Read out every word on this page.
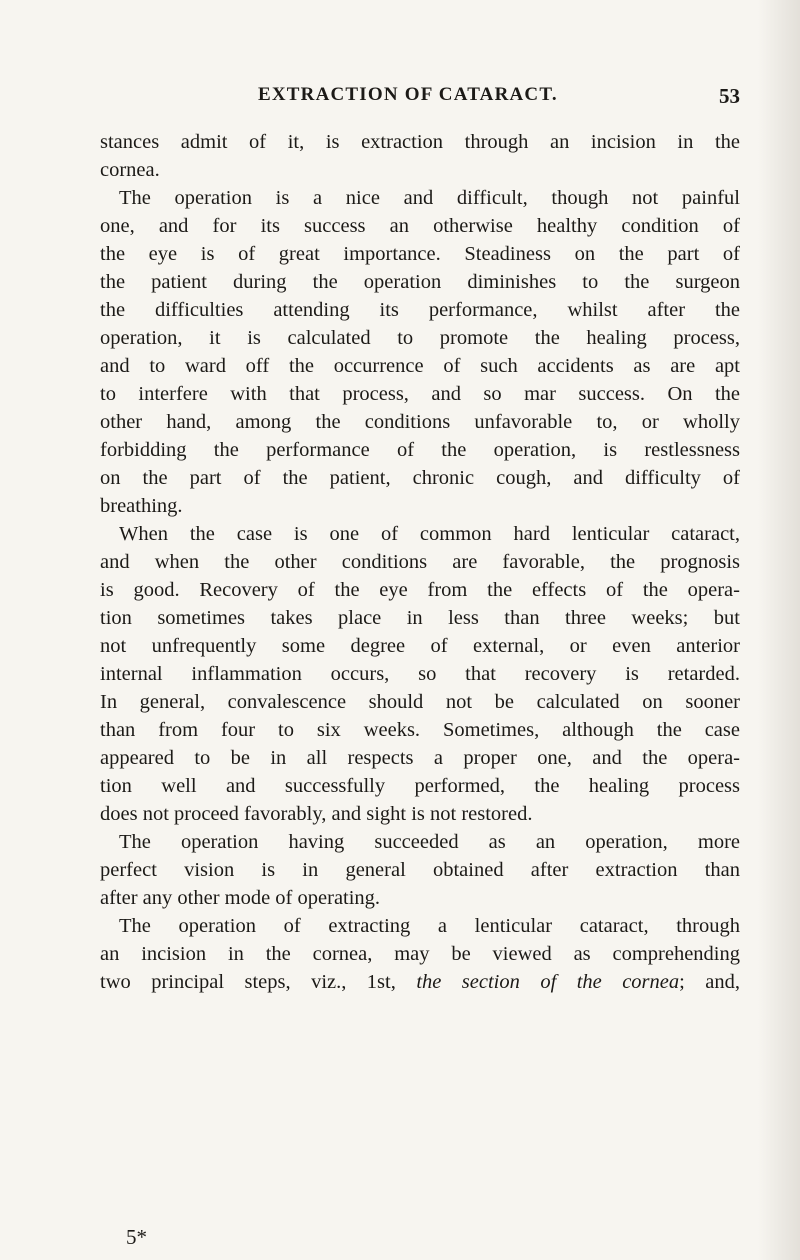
EXTRACTION OF CATARACT.	53
stances admit of it, is extraction through an incision in the
cornea.
The operation is a nice and difficult, though not painful
one, and for its success an otherwise healthy condition of
the eye is of great importance. Steadiness on the part of
the patient during the operation diminishes to the surgeon
the difficulties attending its performance, whilst after the
operation, it is calculated to promote the healing process,
and to ward off the occurrence of such accidents as are apt
to interfere with that process, and so mar success. On the
other hand, among the conditions unfavorable to, or wholly
forbidding the performance of the operation, is restlessness
on the part of the patient, chronic cough, and difficulty of
breathing.
When the case is one of common hard lenticular cataract,
and when the other conditions are favorable, the prognosis
is good. Recovery of the eye from the effects of the opera-
tion sometimes takes place in less than three weeks; but
not unfrequently some degree of external, or even anterior
internal inflammation occurs, so that recovery is retarded.
In general, convalescence should not be calculated on sooner
than from four to six weeks. Sometimes, although the case
appeared to be in all respects a proper one, and the opera-
tion well and successfully performed, the healing process
does not proceed favorably, and sight is not restored.
The operation having succeeded as an operation, more
perfect vision is in general obtained after extraction than
after any other mode of operating.
The operation of extracting a lenticular cataract, through
an incision in the cornea, may be viewed as comprehending
two principal steps, viz., 1st, the section of the cornea; and,
5*
